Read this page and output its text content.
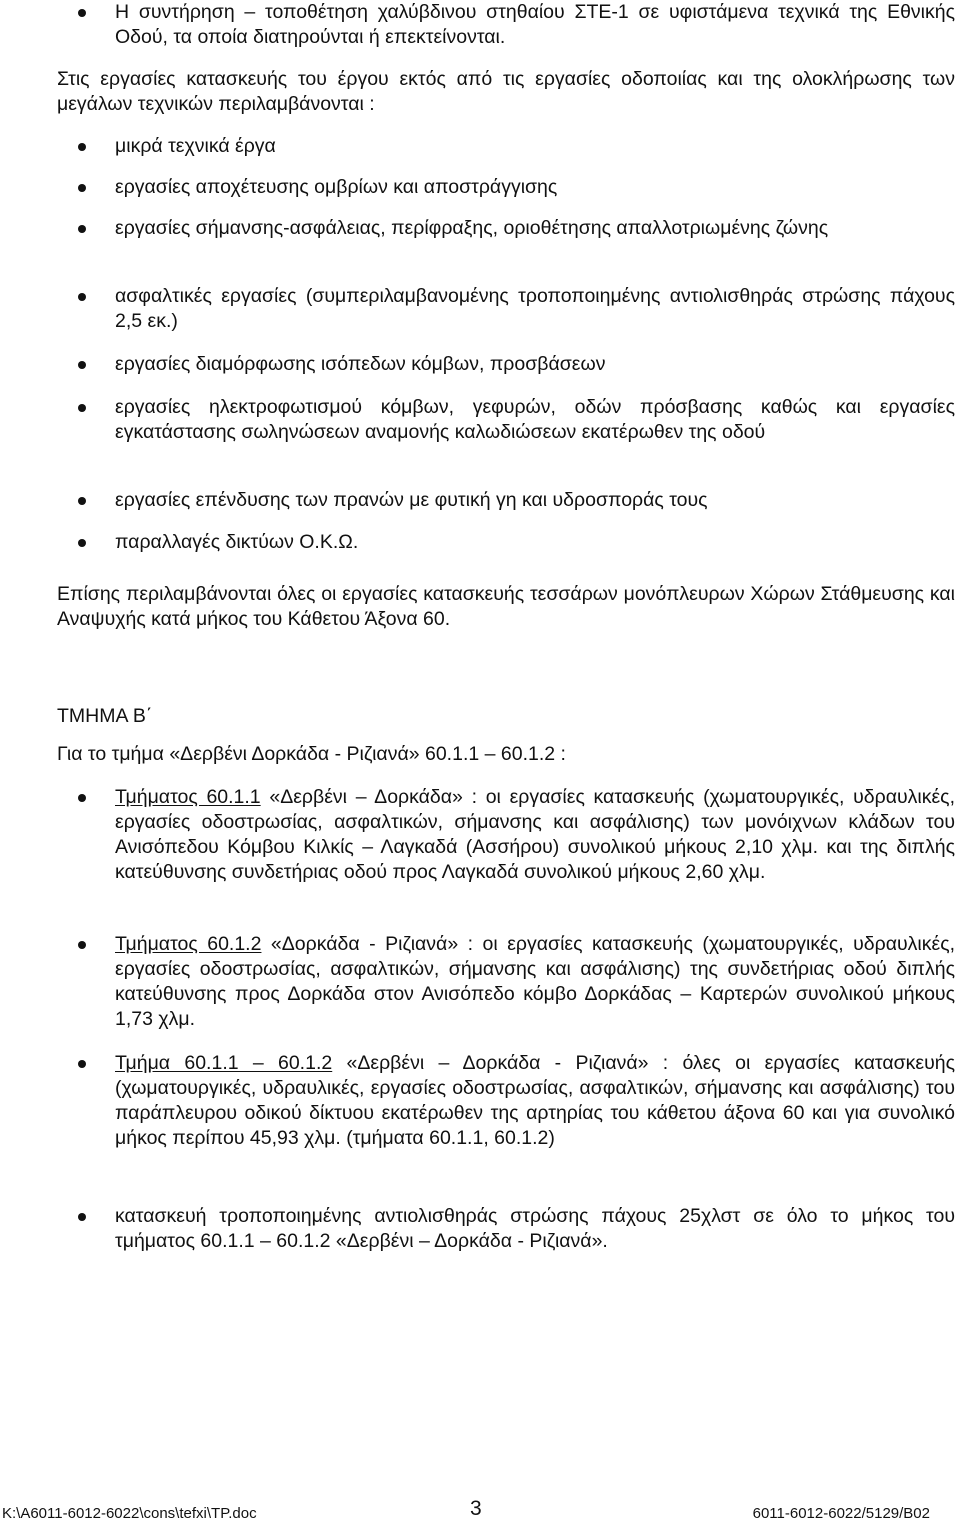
Η συντήρηση – τοποθέτηση χαλύβδινου στηθαίου ΣΤΕ-1 σε υφιστάμενα τεχνικά της Εθνικής Οδού, τα οποία διατηρούνται ή επεκτείνονται.

Στις εργασίες κατασκευής του έργου εκτός από τις εργασίες οδοποιίας και της ολοκλήρωσης των μεγάλων τεχνικών περιλαμβάνονται :

μικρά τεχνικά έργα

εργασίες αποχέτευσης ομβρίων και αποστράγγισης

εργασίες σήμανσης-ασφάλειας, περίφραξης, οριοθέτησης απαλλοτριωμένης ζώνης

ασφαλτικές εργασίες (συμπεριλαμβανομένης τροποποιημένης αντιολισθηράς στρώσης πάχους 2,5 εκ.)

εργασίες διαμόρφωσης ισόπεδων κόμβων, προσβάσεων

εργασίες ηλεκτροφωτισμού κόμβων, γεφυρών, οδών πρόσβασης καθώς και εργασίες εγκατάστασης σωληνώσεων αναμονής καλωδιώσεων εκατέρωθεν της οδού

εργασίες επένδυσης των πρανών με φυτική γη και υδροσποράς τους

παραλλαγές δικτύων Ο.Κ.Ω.

Επίσης περιλαμβάνονται όλες οι εργασίες κατασκευής τεσσάρων μονόπλευρων Χώρων Στάθμευσης και Αναψυχής κατά μήκος του Κάθετου Άξονα 60.

ΤΜΗΜΑ Β΄

Για το τμήμα «Δερβένι Δορκάδα - Ριζιανά» 60.1.1 – 60.1.2 :

Τμήματος 60.1.1 «Δερβένι – Δορκάδα» : οι εργασίες κατασκευής (χωματουργικές, υδραυλικές, εργασίες οδοστρωσίας, ασφαλτικών, σήμανσης και ασφάλισης) των μονόιχνων κλάδων του Ανισόπεδου Κόμβου Κιλκίς – Λαγκαδά (Ασσήρου) συνολικού μήκους 2,10 χλμ. και της διπλής κατεύθυνσης συνδετήριας οδού προς Λαγκαδά συνολικού μήκους 2,60 χλμ.

Τμήματος 60.1.2 «Δορκάδα - Ριζιανά» : οι εργασίες κατασκευής (χωματουργικές, υδραυλικές, εργασίες οδοστρωσίας, ασφαλτικών, σήμανσης και ασφάλισης) της συνδετήριας οδού διπλής κατεύθυνσης προς Δορκάδα στον Ανισόπεδο κόμβο Δορκάδας – Καρτερών συνολικού μήκους 1,73 χλμ.

Τμήμα 60.1.1 – 60.1.2 «Δερβένι – Δορκάδα - Ριζιανά» : όλες οι εργασίες κατασκευής (χωματουργικές, υδραυλικές, εργασίες οδοστρωσίας, ασφαλτικών, σήμανσης και ασφάλισης) του παράπλευρου οδικού δίκτυου εκατέρωθεν της αρτηρίας του κάθετου άξονα 60 και για συνολικό μήκος περίπου 45,93 χλμ. (τμήματα 60.1.1, 60.1.2)

κατασκευή τροποποιημένης αντιολισθηράς στρώσης πάχους 25χλστ σε όλο το μήκος του τμήματος 60.1.1 – 60.1.2 «Δερβένι – Δορκάδα - Ριζιανά».

K:\A6011-6012-6022\cons\tefxi\TP.doc	3	6011-6012-6022/5129/B02
